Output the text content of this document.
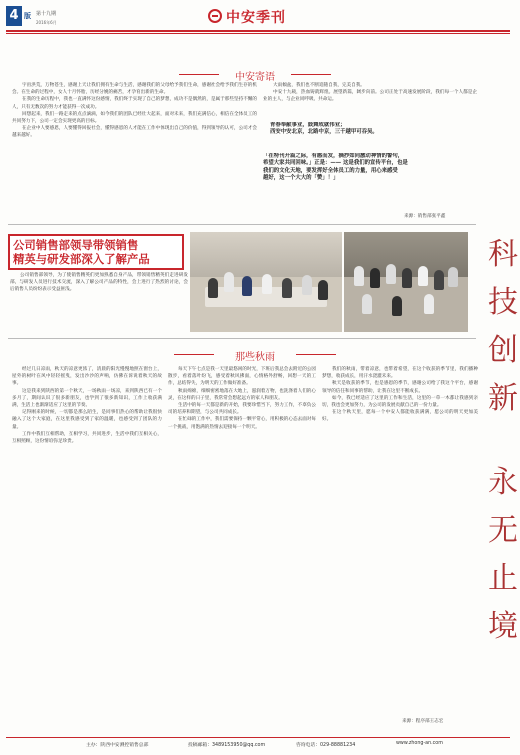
4 版	第十九期
2016年6月	中安季刊
中安寄语

宇宙洪荒，万物苍生，感谢上天让我们拥有生命与生活，感谢我们的父母给予我们生命，感谢社会给予我们生存的机会。在生命的过程中，女人十月怀胎，历经分娩的痛苦，才孕育出新的生命。

在我的生命历程中，我也一直满怀这份感情，我们终于实现了自己的梦想，成功不是偶然的，是属于那些坚持不懈的人，只有无数次的努力才能获得一次成功。

回想起来，我们一路走来的点点滴滴，如今我们的团队已经壮大起来，面对未来，我们充满信心，相信在全体员工的共同努力下，公司一定会实现更高的目标。

在企业中人要感恩，人要懂得回报社会，懂得感恩的人才能在工作中体现出自己的价值，得到领导的认可，公司才会越来越好。

大雨倾盆，我们也不断追随自我，完美自我。

中安十九载，热血铸就辉煌。展望新篇，阔步向前。公司正处于高速发展阶段，我们每一个人都是企业的主人，与企业同呼吸、共命运。

青春奉献事业，鼓舞成就伟业；

西安中安北京，北路中京，三千越甲可吞吴。

「在特刊开篇之际，有感而发，摘抄如同激动神情的警句，

希望大家共同回味。」正是：—— 这是我们的宣传平台，也是

我们的文化天地，要发挥好全体员工的力量，用心来感受

越好，这一个大大的「赞」！」

来源：销售部张平鑫
公司销售部领导带领销售
精英与研发部深入了解产品

公司销售部领导，为了使销售精英们更加熟悉自身产品，带领销售精英们走进研发部，与研发人员进行技术交流，深入了解公司产品的特性，会上进行了热烈的讨论，会后销售人员纷纷表示受益匪浅。

科
技
创
新
永
无
止
境
那些秋雨

经过几日凉雨，秋天的凉意更浓了，清晨的阳光慢慢地照在窗台上，屋外的树叶在风中轻轻摇曳，发出沙沙的声响，仿佛在诉说着秋天的故事。

这是我来到陕西的第一个秋天，一场秋雨一场凉，来到陕西已有一个多月了，期间认识了很多新朋友，也学到了很多新知识，工作上收获满满，生活上也渐渐适应了这里的节奏。

记得刚来的时候，一切都是那么陌生，是同事们热心的帮助让我很快融入了这个大家庭，在这里我感受到了家的温暖，也感受到了团队的力量。

工作中我们互相帮助，互相学习，共同进步，生活中我们互相关心，互相照顾，这份情谊弥足珍贵。

每天下午七点是我一天里最悠闲的时光，下班后我总会去附近的公园散步，看着落叶纷飞，感受着秋风拂面，心情格外舒畅，回想一天的工作，总结得失，为明天的工作做好准备。

秋雨绵绵，细细密密地落在大地上，滋润着万物，也洗涤着人们的心灵，在这样的日子里，我常常会想起远方的家人和朋友。

生活中的每一天都是新的开始，我要珍惜当下，努力工作，不辜负公司的培养和期望，与公司共同成长。

在忙碌的工作中，我们需要保持一颗平常心，用积极的心态去面对每一个挑战，用饱满的热情去迎接每一个明天。

我们的秋雨，带着凉意，也带着希望，在这个收获的季节里，我们播种梦想，收获成长，用汗水浇灌未来。

秋天是收获的季节，也是感恩的季节，感谢公司给了我这个平台，感谢领导的信任和同事的帮助，让我在这里不断成长。

如今，我已经适应了这里的工作和生活，这里的一草一木都让我感到亲切，我也会更加努力，为公司的发展贡献自己的一份力量。

在这个秋天里，愿每一个中安人都能收获满满，愿公司的明天更加美好。

来源：程序部王志宏
主办：陕西中安测控销售总部	投稿邮箱：3489153950@qq.com	咨询电话：029-88881234	www.zhong-an.com
